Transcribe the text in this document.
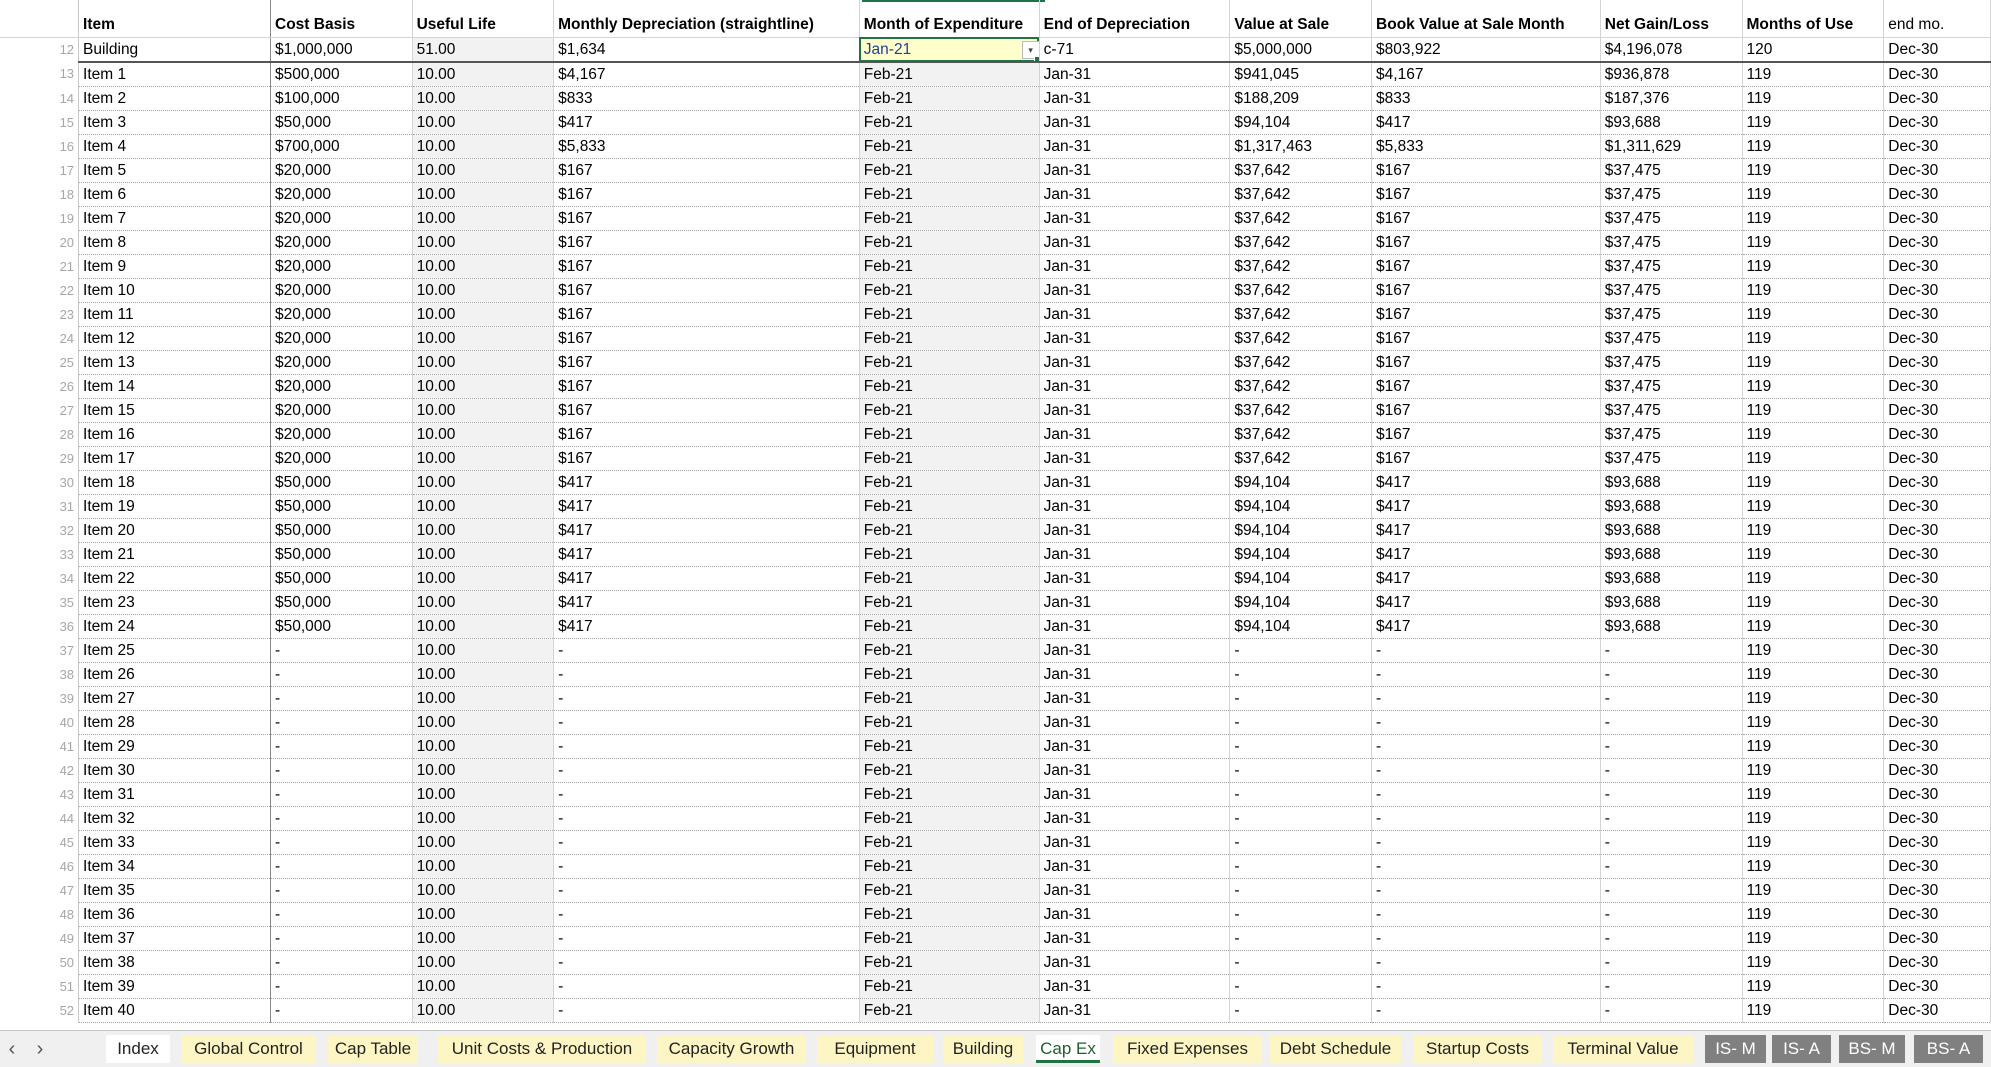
	Item	Cost Basis	Useful Life	Monthly Depreciation (straightline)	Month of Expenditure	End of Depreciation	Value at Sale	Book Value at Sale Month	Net Gain/Loss	Months of Use	end mo.
12	Building	$1,000,000	51.00	$1,634	Jan-21 ▾	c-71	$5,000,000	$803,922	$4,196,078	120	Dec-30
13	Item 1	$500,000	10.00	$4,167	Feb-21	Jan-31	$941,045	$4,167	$936,878	119	Dec-30
14	Item 2	$100,000	10.00	$833	Feb-21	Jan-31	$188,209	$833	$187,376	119	Dec-30
15	Item 3	$50,000	10.00	$417	Feb-21	Jan-31	$94,104	$417	$93,688	119	Dec-30
16	Item 4	$700,000	10.00	$5,833	Feb-21	Jan-31	$1,317,463	$5,833	$1,311,629	119	Dec-30
17	Item 5	$20,000	10.00	$167	Feb-21	Jan-31	$37,642	$167	$37,475	119	Dec-30
18	Item 6	$20,000	10.00	$167	Feb-21	Jan-31	$37,642	$167	$37,475	119	Dec-30
19	Item 7	$20,000	10.00	$167	Feb-21	Jan-31	$37,642	$167	$37,475	119	Dec-30
20	Item 8	$20,000	10.00	$167	Feb-21	Jan-31	$37,642	$167	$37,475	119	Dec-30
21	Item 9	$20,000	10.00	$167	Feb-21	Jan-31	$37,642	$167	$37,475	119	Dec-30
22	Item 10	$20,000	10.00	$167	Feb-21	Jan-31	$37,642	$167	$37,475	119	Dec-30
23	Item 11	$20,000	10.00	$167	Feb-21	Jan-31	$37,642	$167	$37,475	119	Dec-30
24	Item 12	$20,000	10.00	$167	Feb-21	Jan-31	$37,642	$167	$37,475	119	Dec-30
25	Item 13	$20,000	10.00	$167	Feb-21	Jan-31	$37,642	$167	$37,475	119	Dec-30
26	Item 14	$20,000	10.00	$167	Feb-21	Jan-31	$37,642	$167	$37,475	119	Dec-30
27	Item 15	$20,000	10.00	$167	Feb-21	Jan-31	$37,642	$167	$37,475	119	Dec-30
28	Item 16	$20,000	10.00	$167	Feb-21	Jan-31	$37,642	$167	$37,475	119	Dec-30
29	Item 17	$20,000	10.00	$167	Feb-21	Jan-31	$37,642	$167	$37,475	119	Dec-30
30	Item 18	$50,000	10.00	$417	Feb-21	Jan-31	$94,104	$417	$93,688	119	Dec-30
31	Item 19	$50,000	10.00	$417	Feb-21	Jan-31	$94,104	$417	$93,688	119	Dec-30
32	Item 20	$50,000	10.00	$417	Feb-21	Jan-31	$94,104	$417	$93,688	119	Dec-30
33	Item 21	$50,000	10.00	$417	Feb-21	Jan-31	$94,104	$417	$93,688	119	Dec-30
34	Item 22	$50,000	10.00	$417	Feb-21	Jan-31	$94,104	$417	$93,688	119	Dec-30
35	Item 23	$50,000	10.00	$417	Feb-21	Jan-31	$94,104	$417	$93,688	119	Dec-30
36	Item 24	$50,000	10.00	$417	Feb-21	Jan-31	$94,104	$417	$93,688	119	Dec-30
37	Item 25	-	10.00	-	Feb-21	Jan-31	-	-	-	119	Dec-30
38	Item 26	-	10.00	-	Feb-21	Jan-31	-	-	-	119	Dec-30
39	Item 27	-	10.00	-	Feb-21	Jan-31	-	-	-	119	Dec-30
40	Item 28	-	10.00	-	Feb-21	Jan-31	-	-	-	119	Dec-30
41	Item 29	-	10.00	-	Feb-21	Jan-31	-	-	-	119	Dec-30
42	Item 30	-	10.00	-	Feb-21	Jan-31	-	-	-	119	Dec-30
43	Item 31	-	10.00	-	Feb-21	Jan-31	-	-	-	119	Dec-30
44	Item 32	-	10.00	-	Feb-21	Jan-31	-	-	-	119	Dec-30
45	Item 33	-	10.00	-	Feb-21	Jan-31	-	-	-	119	Dec-30
46	Item 34	-	10.00	-	Feb-21	Jan-31	-	-	-	119	Dec-30
47	Item 35	-	10.00	-	Feb-21	Jan-31	-	-	-	119	Dec-30
48	Item 36	-	10.00	-	Feb-21	Jan-31	-	-	-	119	Dec-30
49	Item 37	-	10.00	-	Feb-21	Jan-31	-	-	-	119	Dec-30
50	Item 38	-	10.00	-	Feb-21	Jan-31	-	-	-	119	Dec-30
51	Item 39	-	10.00	-	Feb-21	Jan-31	-	-	-	119	Dec-30
52	Item 40	-	10.00	-	Feb-21	Jan-31	-	-	-	119	Dec-30
‹	›	Index	Global Control	Cap Table	Unit Costs & Production	Capacity Growth	Equipment	Building	Cap Ex	Fixed Expenses	Debt Schedule	Startup Costs	Terminal Value	IS- M	IS- A	BS- M	BS- A
